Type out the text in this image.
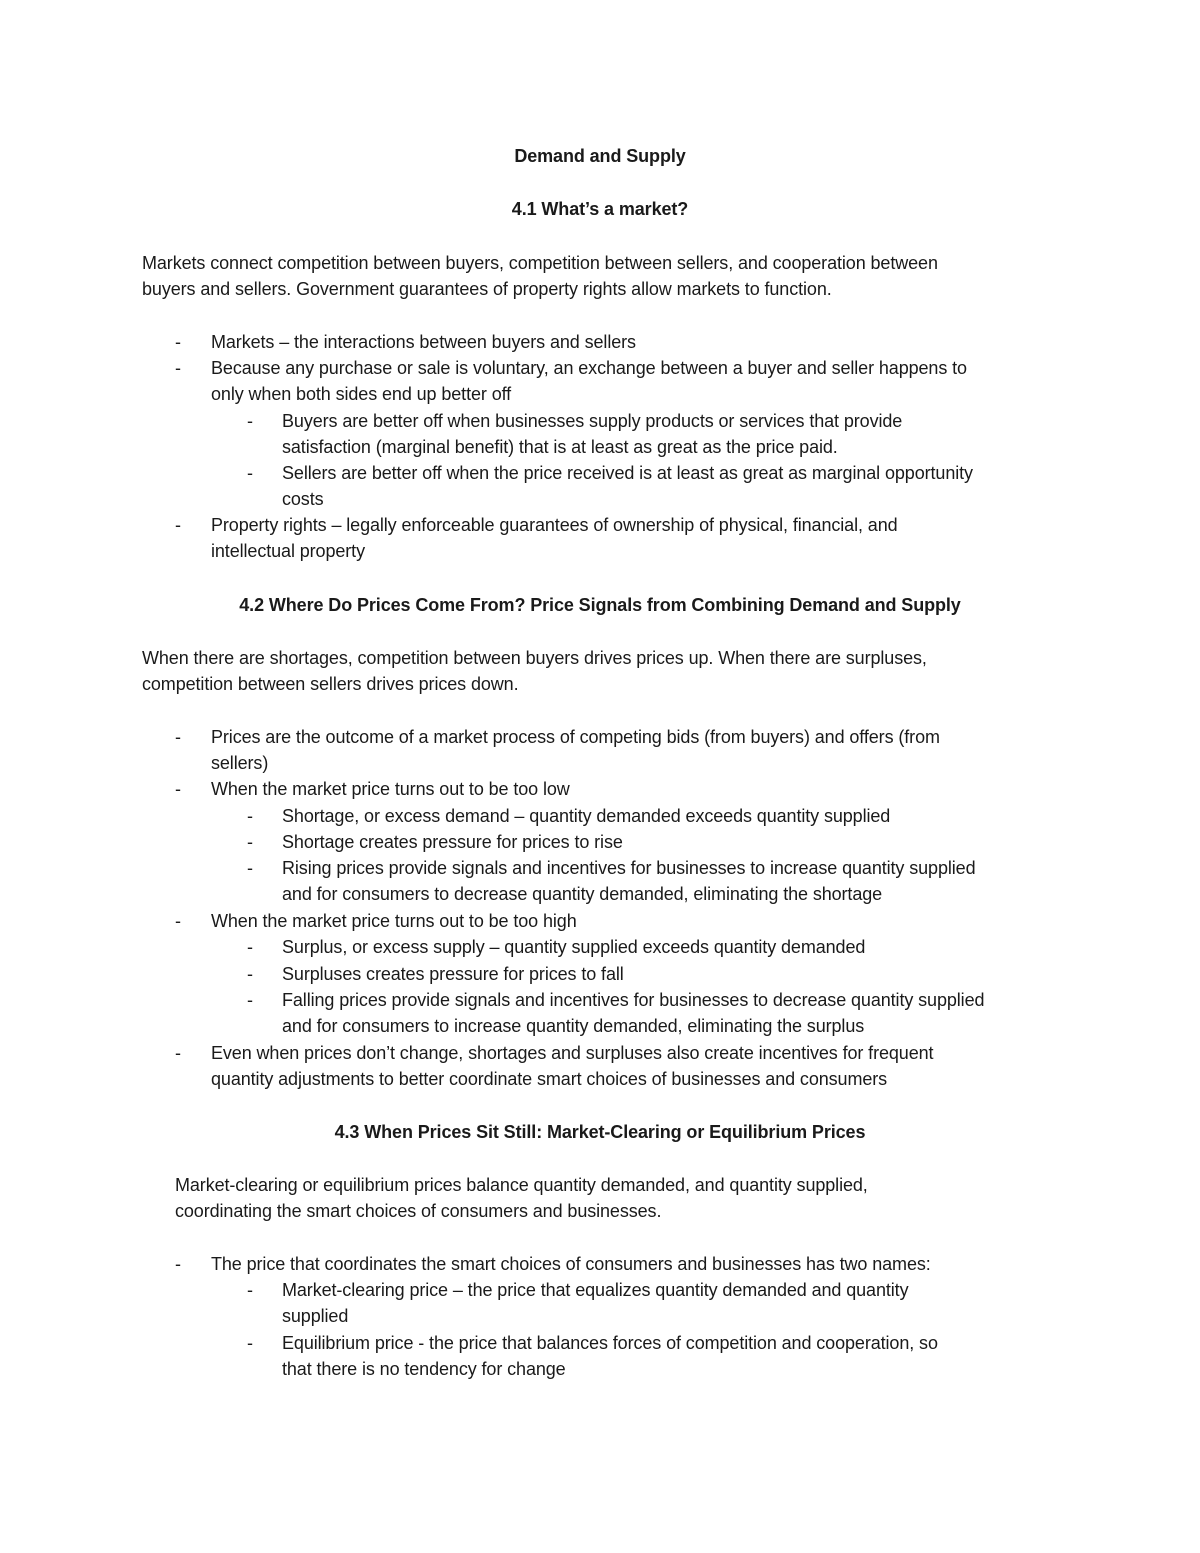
Demand and Supply
4.1 What’s a market?
Markets connect competition between buyers, competition between sellers, and cooperation between
buyers and sellers. Government guarantees of property rights allow markets to function.
- Markets – the interactions between buyers and sellers
- Because any purchase or sale is voluntary, an exchange between a buyer and seller happens to
only when both sides end up better off
- Buyers are better off when businesses supply products or services that provide
satisfaction (marginal benefit) that is at least as great as the price paid.
- Sellers are better off when the price received is at least as great as marginal opportunity
costs
- Property rights – legally enforceable guarantees of ownership of physical, financial, and
intellectual property
4.2 Where Do Prices Come From? Price Signals from Combining Demand and Supply
When there are shortages, competition between buyers drives prices up. When there are surpluses,
competition between sellers drives prices down.
- Prices are the outcome of a market process of competing bids (from buyers) and offers (from
sellers)
- When the market price turns out to be too low
- Shortage, or excess demand – quantity demanded exceeds quantity supplied
- Shortage creates pressure for prices to rise
- Rising prices provide signals and incentives for businesses to increase quantity supplied
and for consumers to decrease quantity demanded, eliminating the shortage
- When the market price turns out to be too high
- Surplus, or excess supply – quantity supplied exceeds quantity demanded
- Surpluses creates pressure for prices to fall
- Falling prices provide signals and incentives for businesses to decrease quantity supplied
and for consumers to increase quantity demanded, eliminating the surplus
- Even when prices don’t change, shortages and surpluses also create incentives for frequent
quantity adjustments to better coordinate smart choices of businesses and consumers
4.3 When Prices Sit Still: Market-Clearing or Equilibrium Prices
Market-clearing or equilibrium prices balance quantity demanded, and quantity supplied,
coordinating the smart choices of consumers and businesses.
- The price that coordinates the smart choices of consumers and businesses has two names:
- Market-clearing price – the price that equalizes quantity demanded and quantity
supplied
- Equilibrium price - the price that balances forces of competition and cooperation, so
that there is no tendency for change
